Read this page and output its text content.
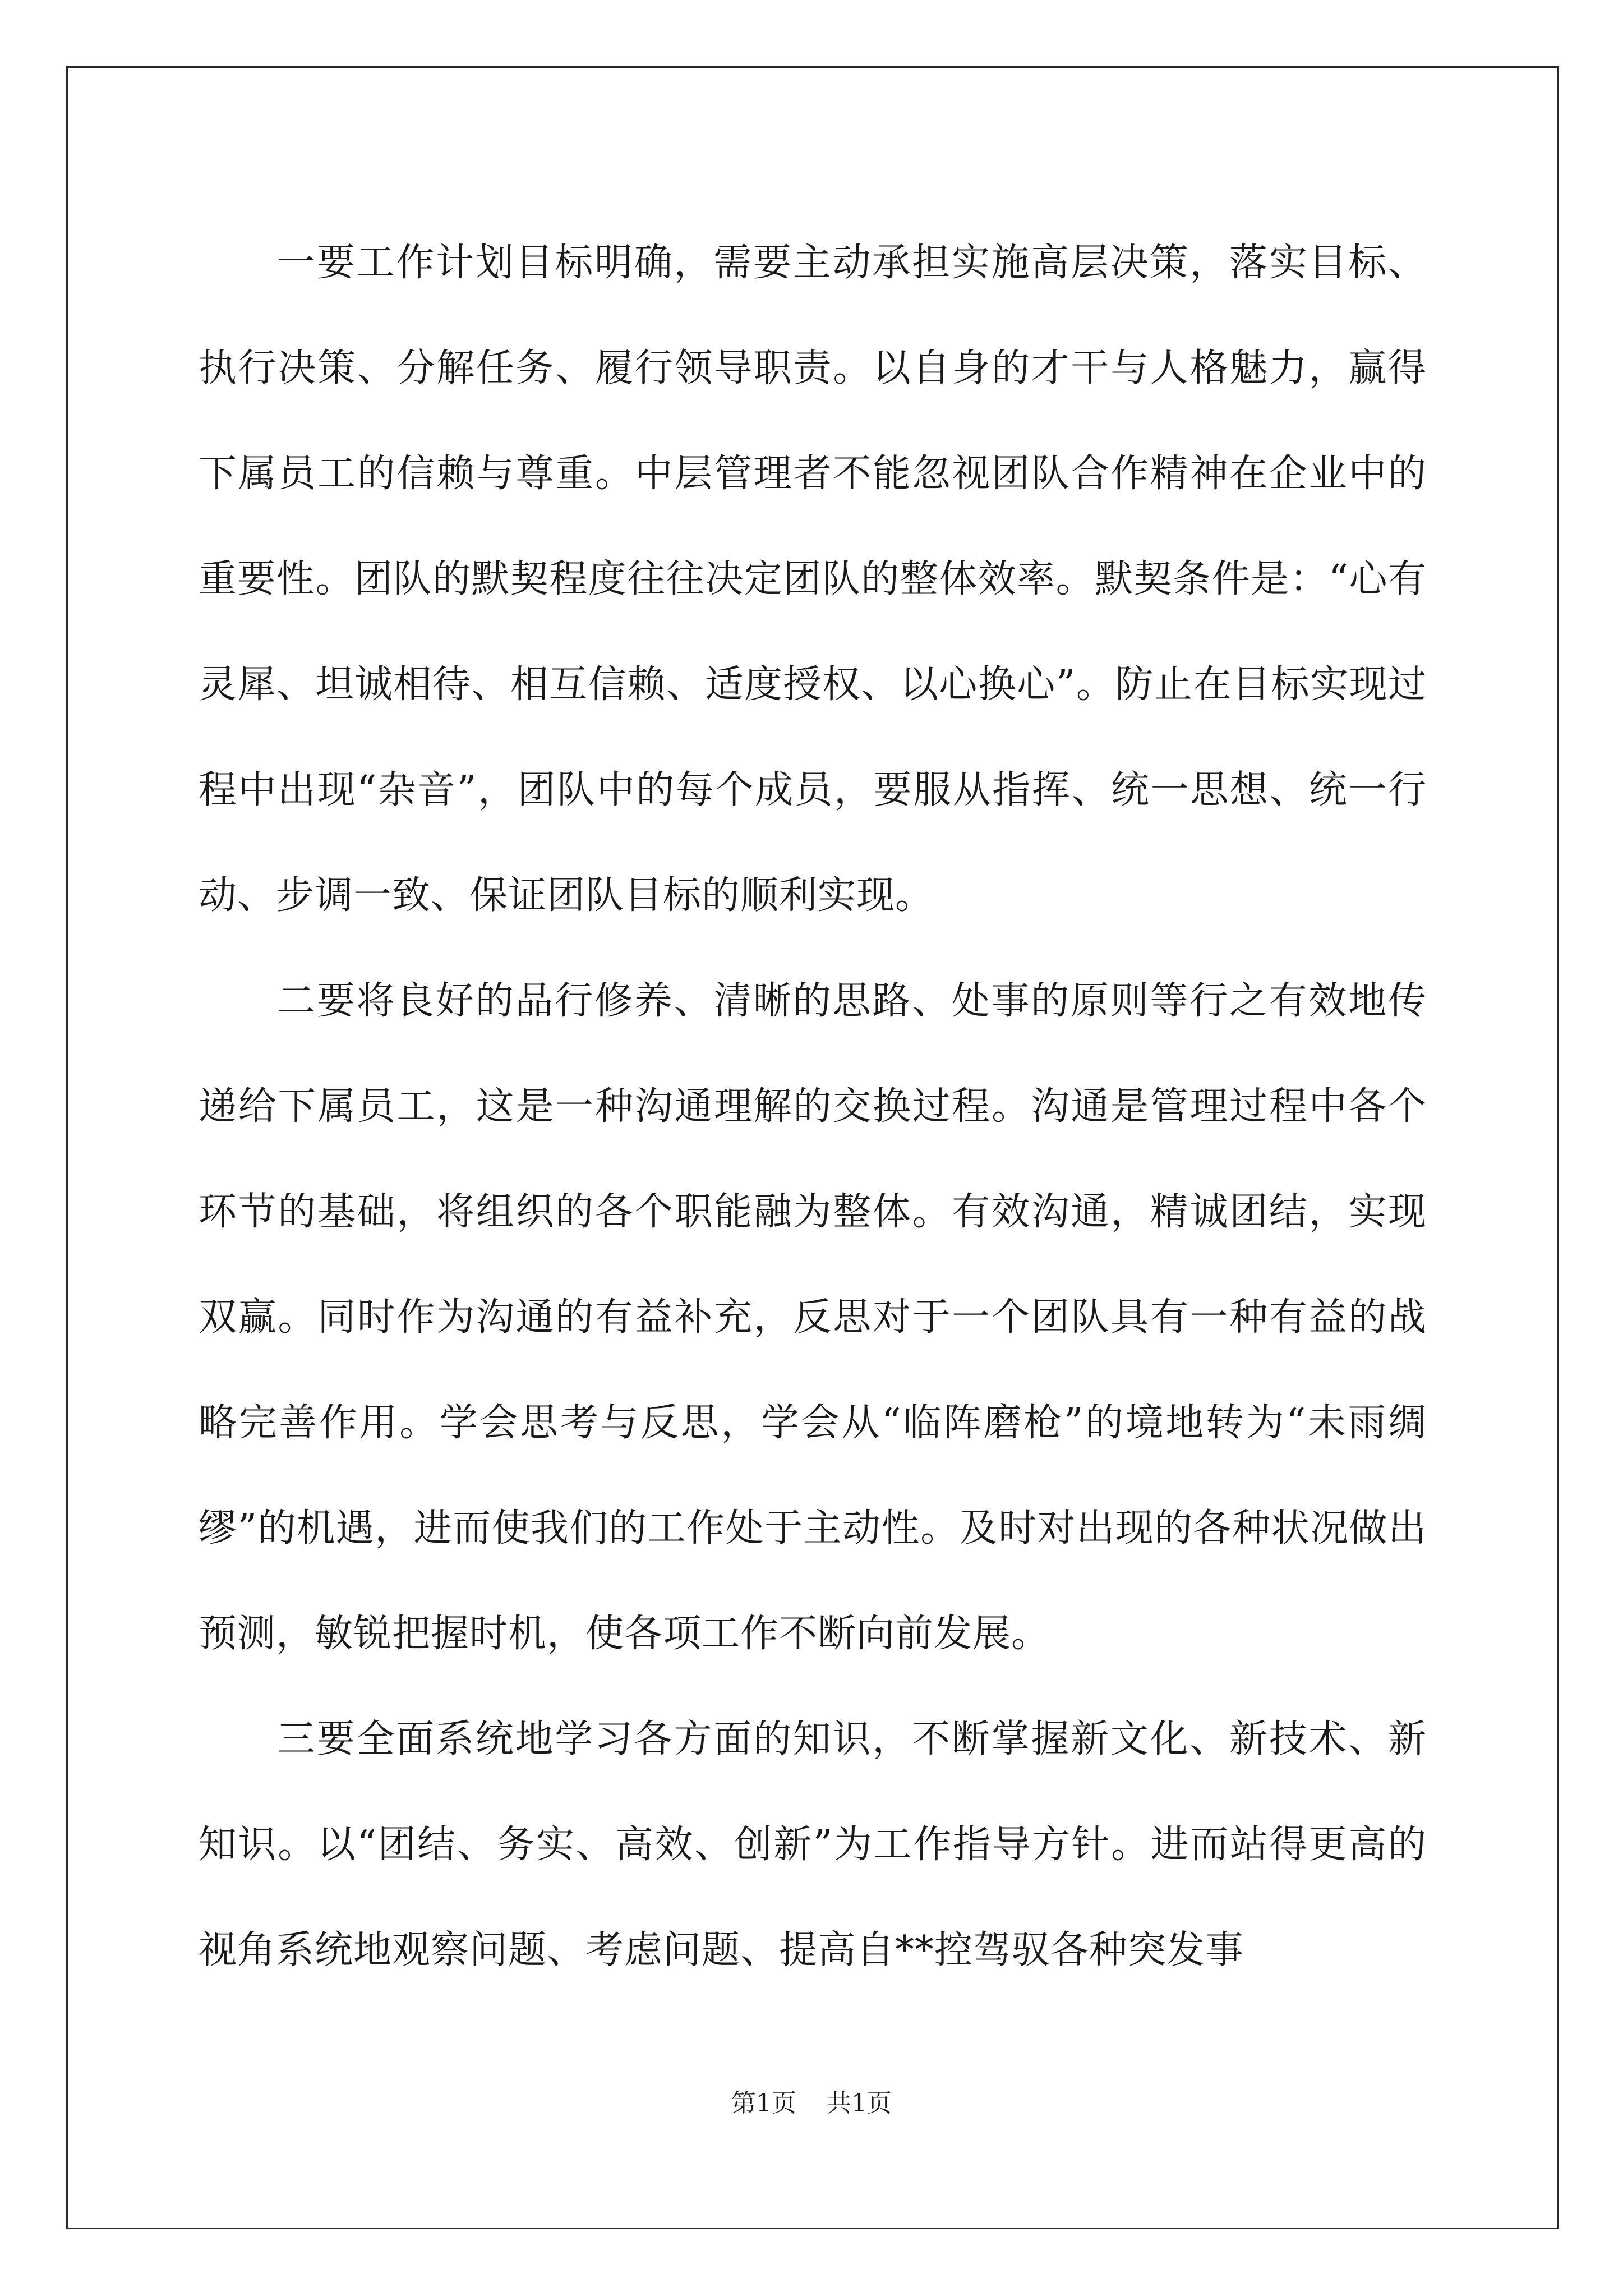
一要工作计划目标明确，需要主动承担实施高层决策，落实目标、执行决策、分解任务、履行领导职责。以自身的才干与人格魅力，赢得下属员工的信赖与尊重。中层管理者不能忽视团队合作精神在企业中的重要性。团队的默契程度往往决定团队的整体效率。默契条件是：“心有灵犀、坦诚相待、相互信赖、适度授权、以心换心”。防止在目标实现过程中出现“杂音”，团队中的每个成员，要服从指挥、统一思想、统一行动、步调一致、保证团队目标的顺利实现。

二要将良好的品行修养、清晰的思路、处事的原则等行之有效地传递给下属员工，这是一种沟通理解的交换过程。沟通是管理过程中各个环节的基础，将组织的各个职能融为整体。有效沟通，精诚团结，实现双赢。同时作为沟通的有益补充，反思对于一个团队具有一种有益的战略完善作用。学会思考与反思，学会从“临阵磨枪”的境地转为“未雨绸缪”的机遇，进而使我们的工作处于主动性。及时对出现的各种状况做出预测，敏锐把握时机，使各项工作不断向前发展。

三要全面系统地学习各方面的知识，不断掌握新文化、新技术、新知识。以“团结、务实、高效、创新”为工作指导方针。进而站得更高的视角系统地观察问题、考虑问题、提高自**控驾驭各种突发事

第1页 共1页
